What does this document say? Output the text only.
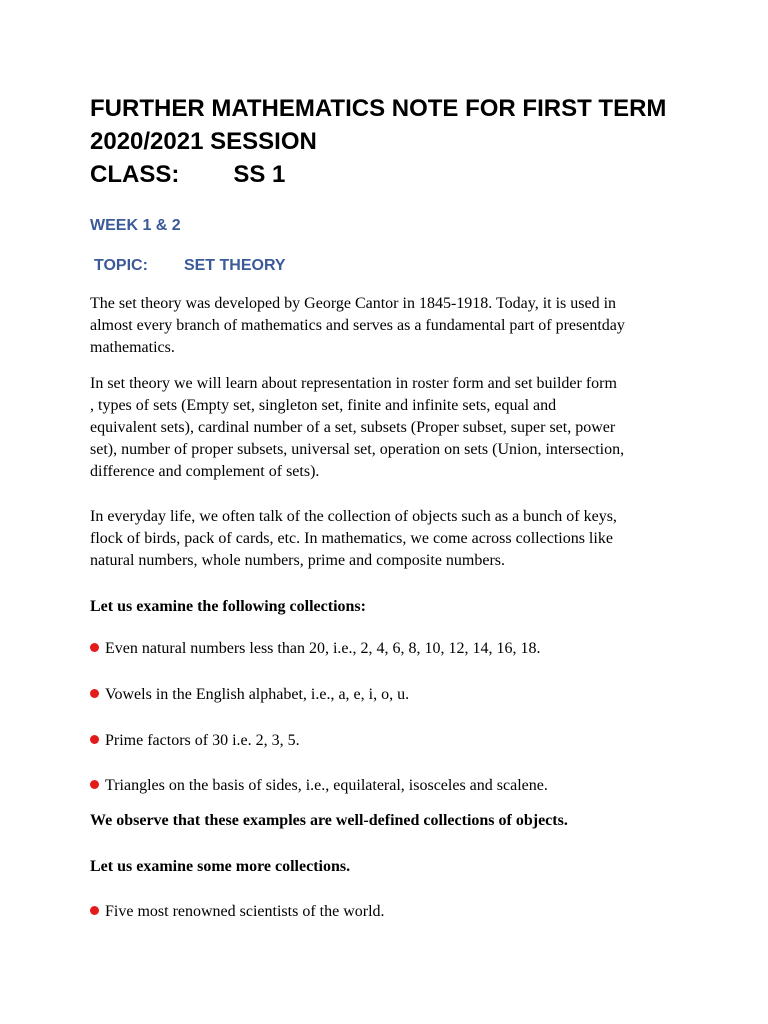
FURTHER MATHEMATICS NOTE FOR FIRST TERM
2020/2021 SESSION
CLASS: SS 1

WEEK 1 & 2

TOPIC: SET THEORY

The set theory was developed by George Cantor in 1845-1918. Today, it is used in
almost every branch of mathematics and serves as a fundamental part of presentday
mathematics.

In set theory we will learn about representation in roster form and set builder form
, types of sets (Empty set, singleton set, finite and infinite sets, equal and
equivalent sets), cardinal number of a set, subsets (Proper subset, super set, power
set), number of proper subsets, universal set, operation on sets (Union, intersection,
difference and complement of sets).

In everyday life, we often talk of the collection of objects such as a bunch of keys,
flock of birds, pack of cards, etc. In mathematics, we come across collections like
natural numbers, whole numbers, prime and composite numbers.

Let us examine the following collections:

Even natural numbers less than 20, i.e., 2, 4, 6, 8, 10, 12, 14, 16, 18.

Vowels in the English alphabet, i.e., a, e, i, o, u.

Prime factors of 30 i.e. 2, 3, 5.

Triangles on the basis of sides, i.e., equilateral, isosceles and scalene.

We observe that these examples are well-defined collections of objects.

Let us examine some more collections.

Five most renowned scientists of the world.
